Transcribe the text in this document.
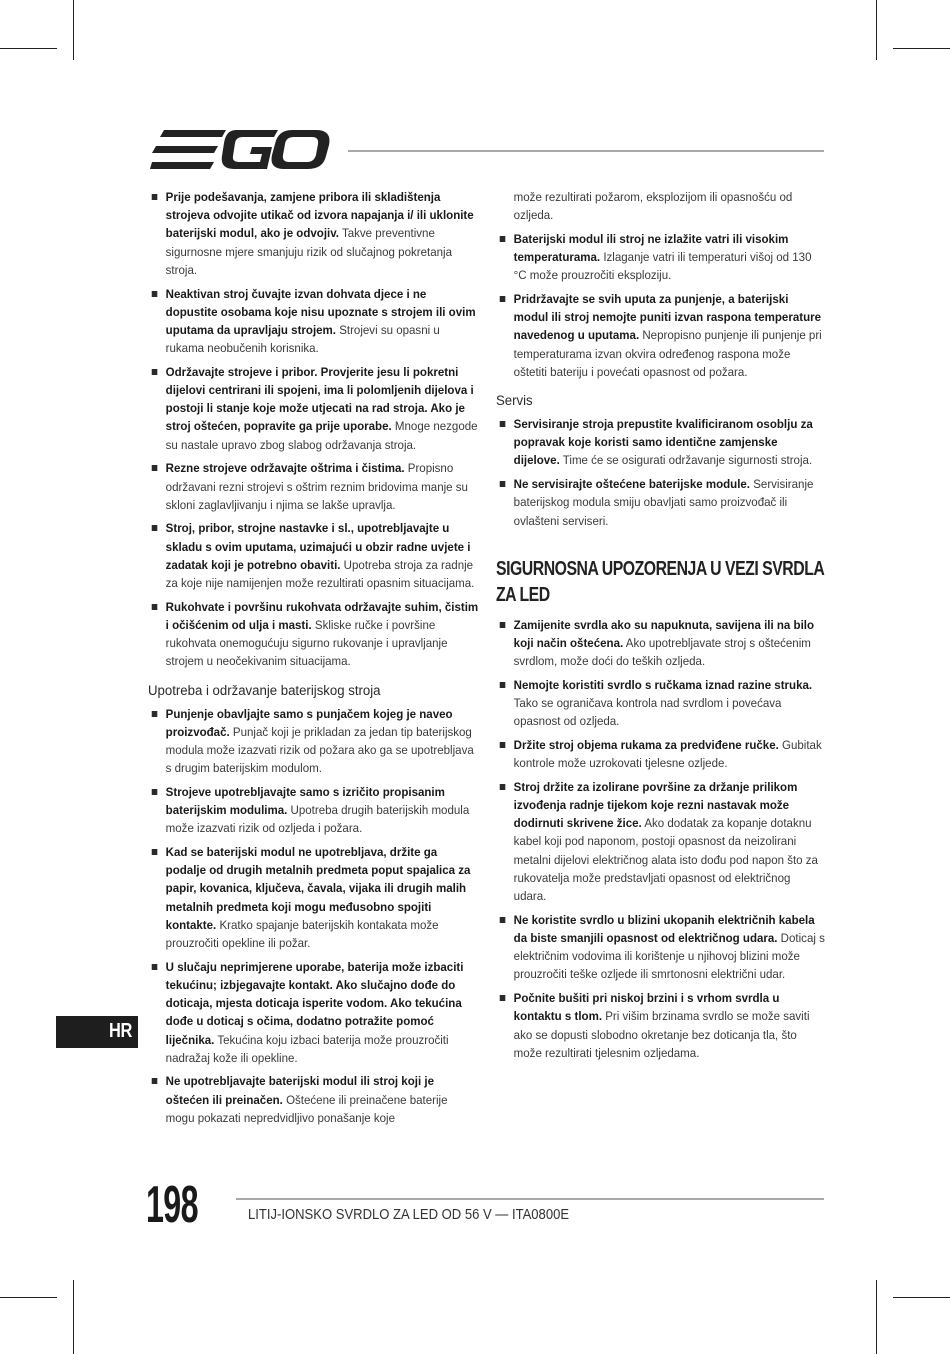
Prije podešavanja, zamjene pribora ili skladištenja strojeva odvojite utikač od izvora napajanja i/ ili uklonite baterijski modul, ako je odvojiv. Takve preventivne sigurnosne mjere smanjuju rizik od slučajnog pokretanja stroja.
Neaktivan stroj čuvajte izvan dohvata djece i ne dopustite osobama koje nisu upoznate s strojem ili ovim uputama da upravljaju strojem. Strojevi su opasni u rukama neobučenih korisnika.
Održavajte strojeve i pribor. Provjerite jesu li pokretni dijelovi centrirani ili spojeni, ima li polomljenih dijelova i postoji li stanje koje može utjecati na rad stroja. Ako je stroj oštećen, popravite ga prije uporabe. Mnoge nezgode su nastale upravo zbog slabog održavanja stroja.
Rezne strojeve održavajte oštrima i čistima. Propisno održavani rezni strojevi s oštrim reznim bridovima manje su skloni zaglavljivanju i njima se lakše upravlja.
Stroj, pribor, strojne nastavke i sl., upotrebljavajte u skladu s ovim uputama, uzimajući u obzir radne uvjete i zadatak koji je potrebno obaviti. Upotreba stroja za radnje za koje nije namijenjen može rezultirati opasnim situacijama.
Rukohvate i površinu rukohvata održavajte suhim, čistim i očišćenim od ulja i masti. Skliske ručke i površine rukohvata onemogućuju sigurno rukovanje i upravljanje strojem u neočekivanim situacijama.
Upotreba i održavanje baterijskog stroja
Punjenje obavljajte samo s punjačem kojeg je naveo proizvođač. Punjač koji je prikladan za jedan tip baterijskog modula može izazvati rizik od požara ako ga se upotrebljava s drugim baterijskim modulom.
Strojeve upotrebljavajte samo s izričito propisanim baterijskim modulima. Upotreba drugih baterijskih modula može izazvati rizik od ozljeda i požara.
Kad se baterijski modul ne upotrebljava, držite ga podalje od drugih metalnih predmeta poput spajalica za papir, kovanica, ključeva, čavala, vijaka ili drugih malih metalnih predmeta koji mogu međusobno spojiti kontakte. Kratko spajanje baterijskih kontakata može prouzročiti opekline ili požar.
U slučaju neprimjerene uporabe, baterija može izbaciti tekućinu; izbjegavajte kontakt. Ako slučajno dođe do doticaja, mjesta doticaja isperite vodom. Ako tekućina dođe u doticaj s očima, dodatno potražite pomoć liječnika. Tekućina koju izbaci baterija može prouzročiti nadražaj kože ili opekline.
Ne upotrebljavajte baterijski modul ili stroj koji je oštećen ili preinačen. Oštećene ili preinačene baterije mogu pokazati nepredvidljivo ponašanje koje
može rezultirati požarom, eksplozijom ili opasnošću od ozljeda.
Baterijski modul ili stroj ne izlažite vatri ili visokim temperaturama. Izlaganje vatri ili temperaturi višoj od 130 °C može prouzročiti eksploziju.
Pridržavajte se svih uputa za punjenje, a baterijski modul ili stroj nemojte puniti izvan raspona temperature navedenog u uputama. Nepropisno punjenje ili punjenje pri temperaturama izvan okvira određenog raspona može oštetiti bateriju i povećati opasnost od požara.
Servis
Servisiranje stroja prepustite kvalificiranom osoblju za popravak koje koristi samo identične zamjenske dijelove. Time će se osigurati održavanje sigurnosti stroja.
Ne servisirajte oštećene baterijske module. Servisiranje baterijskog modula smiju obavljati samo proizvođač ili ovlašteni serviseri.
SIGURNOSNA UPOZORENJA U VEZI SVRDLA ZA LED
Zamijenite svrdla ako su napuknuta, savijena ili na bilo koji način oštećena. Ako upotrebljavate stroj s oštećenim svrdlom, može doći do teških ozljeda.
Nemojte koristiti svrdlo s ručkama iznad razine struka. Tako se ograničava kontrola nad svrdlom i povećava opasnost od ozljeda.
Držite stroj objema rukama za predviđene ručke. Gubitak kontrole može uzrokovati tjelesne ozljede.
Stroj držite za izolirane površine za držanje prilikom izvođenja radnje tijekom koje rezni nastavak može dodirnuti skrivene žice. Ako dodatak za kopanje dotaknu kabel koji pod naponom, postoji opasnost da neizolirani metalni dijelovi električnog alata isto dođu pod napon što za rukovatelja može predstavljati opasnost od električnog udara.
Ne koristite svrdlo u blizini ukopanih električnih kabela da biste smanjili opasnost od električnog udara. Doticaj s električnim vodovima ili korištenje u njihovoj blizini može prouzročiti teške ozljede ili smrtonosni električni udar.
Počnite bušiti pri niskoj brzini i s vrhom svrdla u kontaktu s tlom. Pri višim brzinama svrdlo se može saviti ako se dopusti slobodno okretanje bez doticanja tla, što može rezultirati tjelesnim ozljedama.
HR
198	LITIJ-IONSKO SVRDLO ZA LED OD 56 V — ITA0800E
